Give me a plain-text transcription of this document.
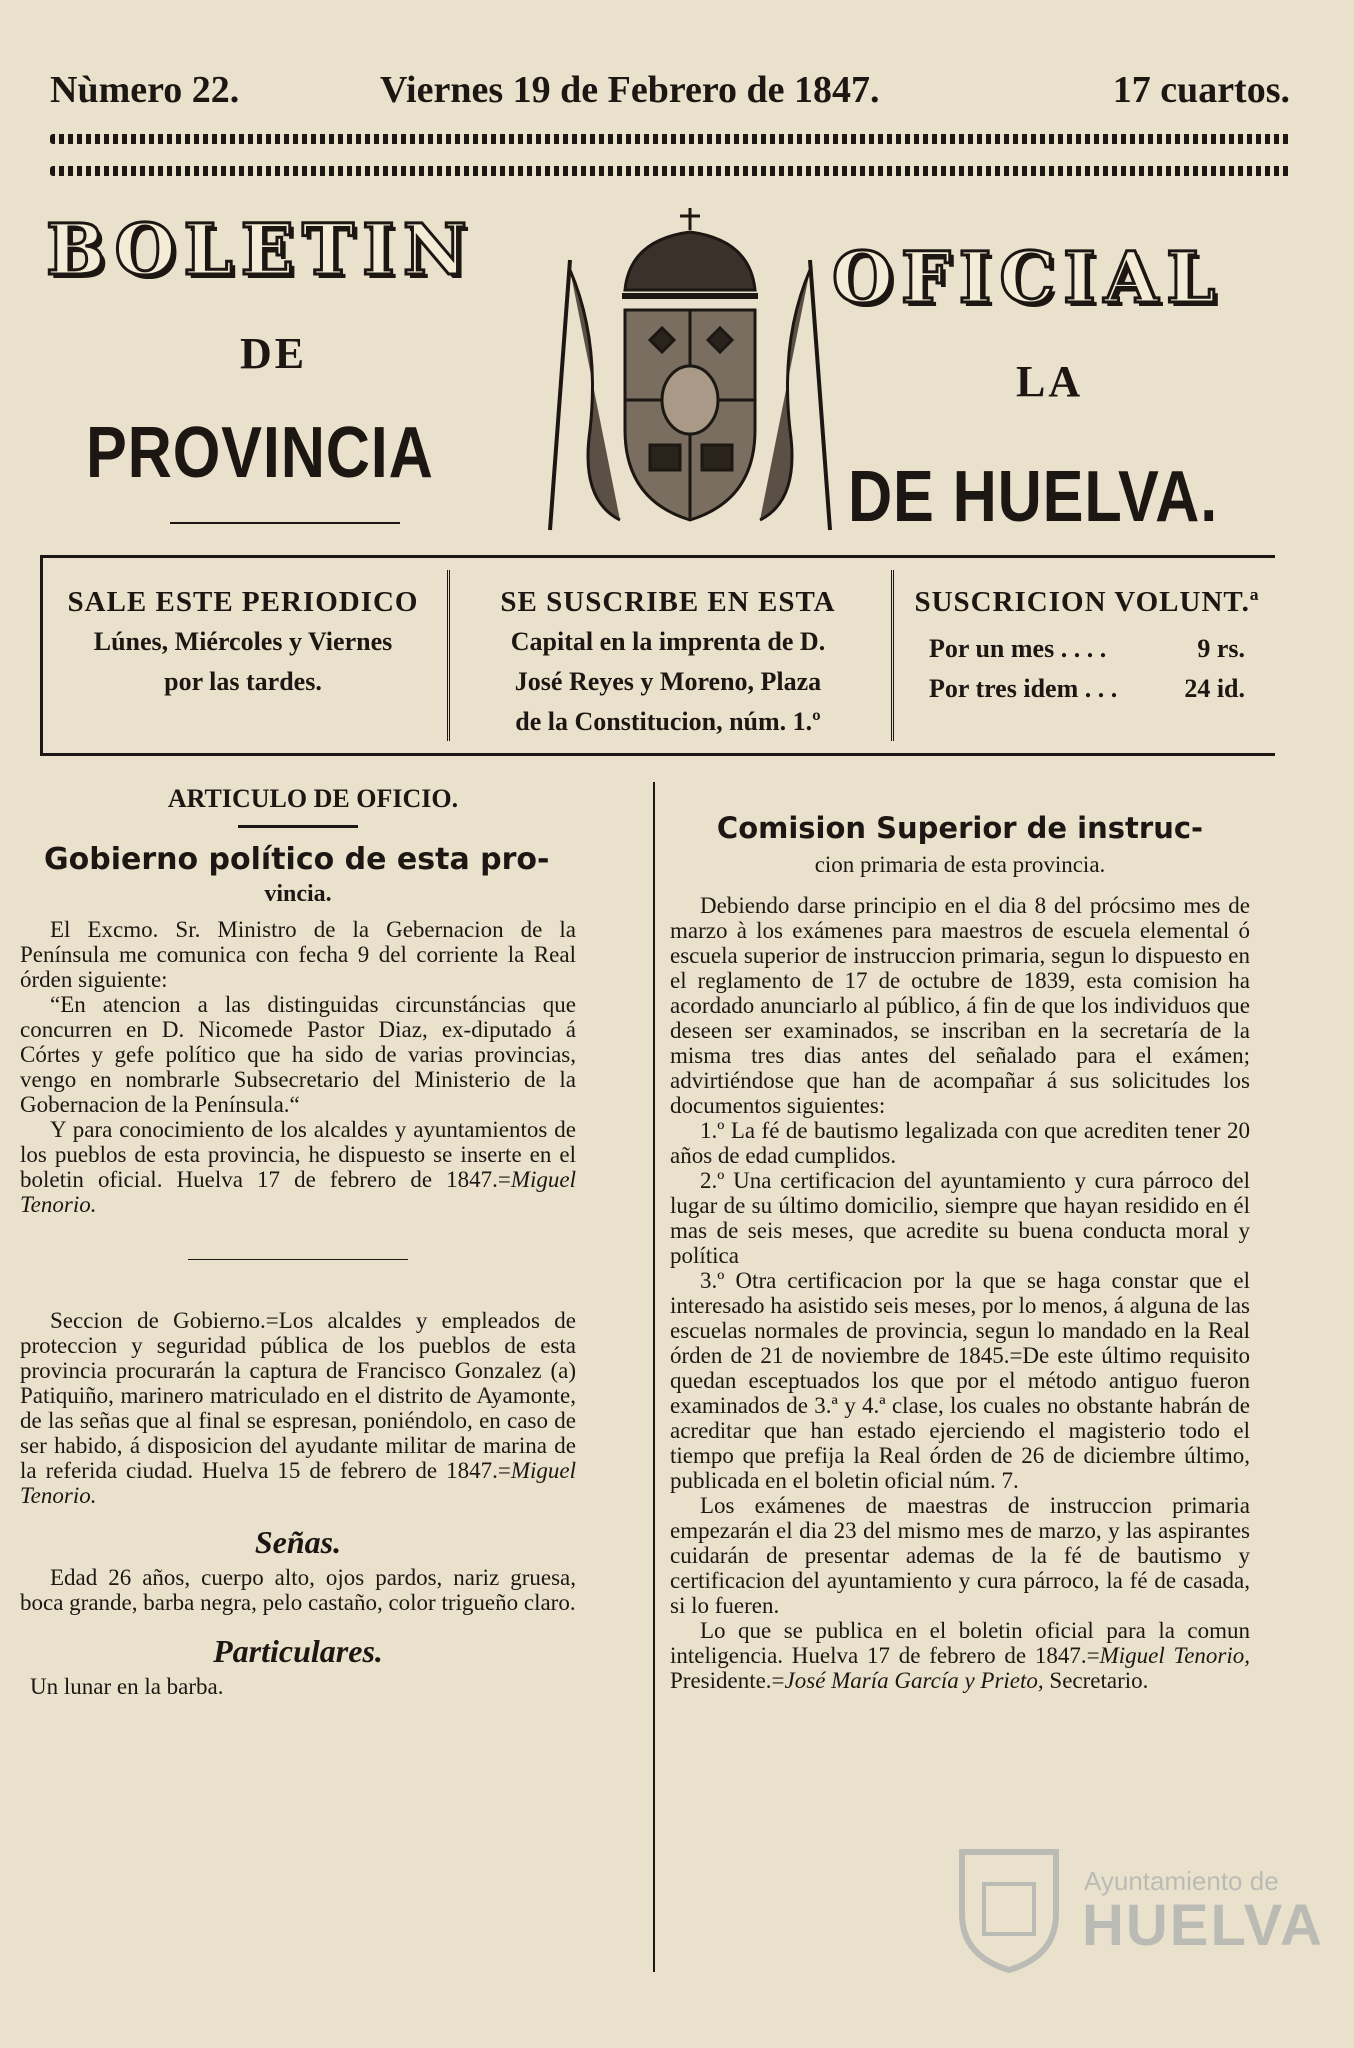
Nùmero 22.	Viernes 19 de Febrero de 1847.	17 cuartos.
BOLETIN	OFICIAL
DE
LA
PROVINCIA
DE HUELVA.
SALE ESTE PERIODICO
Lúnes, Miércoles y Viernes
por las tardes.
SE SUSCRIBE EN ESTA
Capital en la imprenta de D.
José Reyes y Moreno, Plaza
de la Constitucion, núm. 1.º
SUSCRICION VOLUNT.ª
Por un mes . . . .	9 rs.
Por tres idem . . .	24 id.

ARTICULO DE OFICIO.

Gobierno político de esta pro-

vincia.

El Excmo. Sr. Ministro de la Gebernacion de la Península me comunica con fecha 9 del corriente la Real órden siguiente:

“En atencion a las distinguidas circunstáncias que concurren en D. Nicomede Pastor Diaz, ex-diputado á Córtes y gefe político que ha sido de varias provincias, vengo en nombrarle Subsecretario del Ministerio de la Gobernacion de la Península.“

Y para conocimiento de los alcaldes y ayuntamientos de los pueblos de esta provincia, he dispuesto se inserte en el boletin oficial. Huelva 17 de febrero de 1847.=Miguel Tenorio.

Seccion de Gobierno.=Los alcaldes y empleados de proteccion y seguridad pública de los pueblos de esta provincia procurarán la captura de Francisco Gonzalez (a) Patiquiño, marinero matriculado en el distrito de Ayamonte, de las señas que al final se espresan, poniéndolo, en caso de ser habido, á disposicion del ayudante militar de marina de la referida ciudad. Huelva 15 de febrero de 1847.=Miguel Tenorio.

Señas.

Edad 26 años, cuerpo alto, ojos pardos, nariz gruesa, boca grande, barba negra, pelo castaño, color trigueño claro.

Particulares.

Un lunar en la barba.

Comision Superior de instruc-

cion primaria de esta provincia.

Debiendo darse principio en el dia 8 del prócsimo mes de marzo à los exámenes para maestros de escuela elemental ó escuela superior de instruccion primaria, segun lo dispuesto en el reglamento de 17 de octubre de 1839, esta comision ha acordado anunciarlo al público, á fin de que los individuos que deseen ser examinados, se inscriban en la secretaría de la misma tres dias antes del señalado para el exámen; advirtiéndose que han de acompañar á sus solicitudes los documentos siguientes:

1.º La fé de bautismo legalizada con que acrediten tener 20 años de edad cumplidos.

2.º Una certificacion del ayuntamiento y cura párroco del lugar de su último domicilio, siempre que hayan residido en él mas de seis meses, que acredite su buena conducta moral y política

3.º Otra certificacion por la que se haga constar que el interesado ha asistido seis meses, por lo menos, á alguna de las escuelas normales de provincia, segun lo mandado en la Real órden de 21 de noviembre de 1845.=De este último requisito quedan esceptuados los que por el método antiguo fueron examinados de 3.ª y 4.ª clase, los cuales no obstante habrán de acreditar que han estado ejerciendo el magisterio todo el tiempo que prefija la Real órden de 26 de diciembre último, publicada en el boletin oficial núm. 7.

Los exámenes de maestras de instruccion primaria empezarán el dia 23 del mismo mes de marzo, y las aspirantes cuidarán de presentar ademas de la fé de bautismo y certificacion del ayuntamiento y cura párroco, la fé de casada, si lo fueren.

Lo que se publica en el boletin oficial para la comun inteligencia. Huelva 17 de febrero de 1847.=Miguel Tenorio, Presidente.=José María García y Prieto, Secretario.

Ayuntamiento de
HUELVA
